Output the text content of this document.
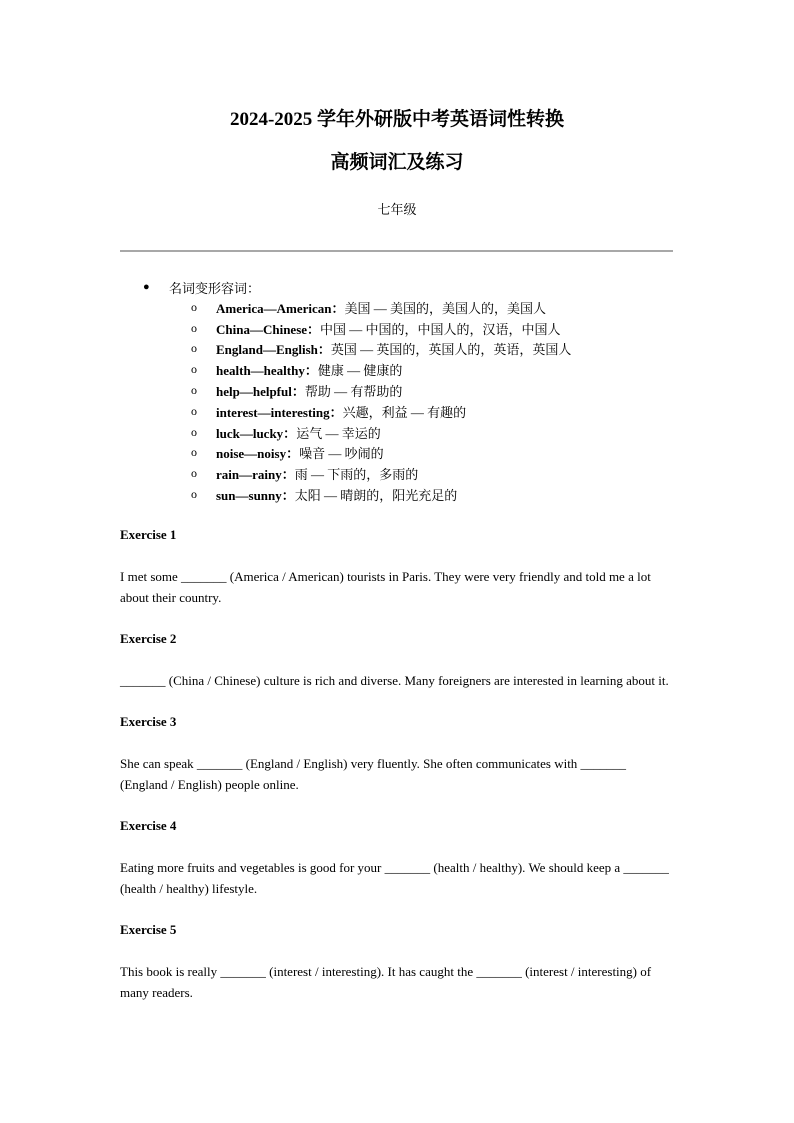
2024-2025 学年外研版中考英语词性转换
高频词汇及练习
七年级
●	名词变形容词：
o	America—American： 美国 — 美国的，美国人的，美国人
o	China—Chinese： 中国 — 中国的，中国人的，汉语，中国人
o	England—English： 英国 — 英国的，英国人的，英语，英国人
o	health—healthy： 健康 — 健康的
o	help—helpful： 帮助 — 有帮助的
o	interest—interesting： 兴趣，利益 — 有趣的
o	luck—lucky： 运气 — 幸运的
o	noise—noisy： 噪音 — 吵闹的
o	rain—rainy： 雨 — 下雨的，多雨的
o	sun—sunny： 太阳 — 晴朗的，阳光充足的
Exercise 1
I met some _______ (America / American) tourists in Paris. They were very friendly and told me a lot about their country.
Exercise 2
_______ (China / Chinese) culture is rich and diverse. Many foreigners are interested in learning about it.
Exercise 3
She can speak _______ (England / English) very fluently. She often communicates with _______ (England / English) people online.
Exercise 4
Eating more fruits and vegetables is good for your _______ (health / healthy). We should keep a _______ (health / healthy) lifestyle.
Exercise 5
This book is really _______ (interest / interesting). It has caught the _______ (interest / interesting) of many readers.
